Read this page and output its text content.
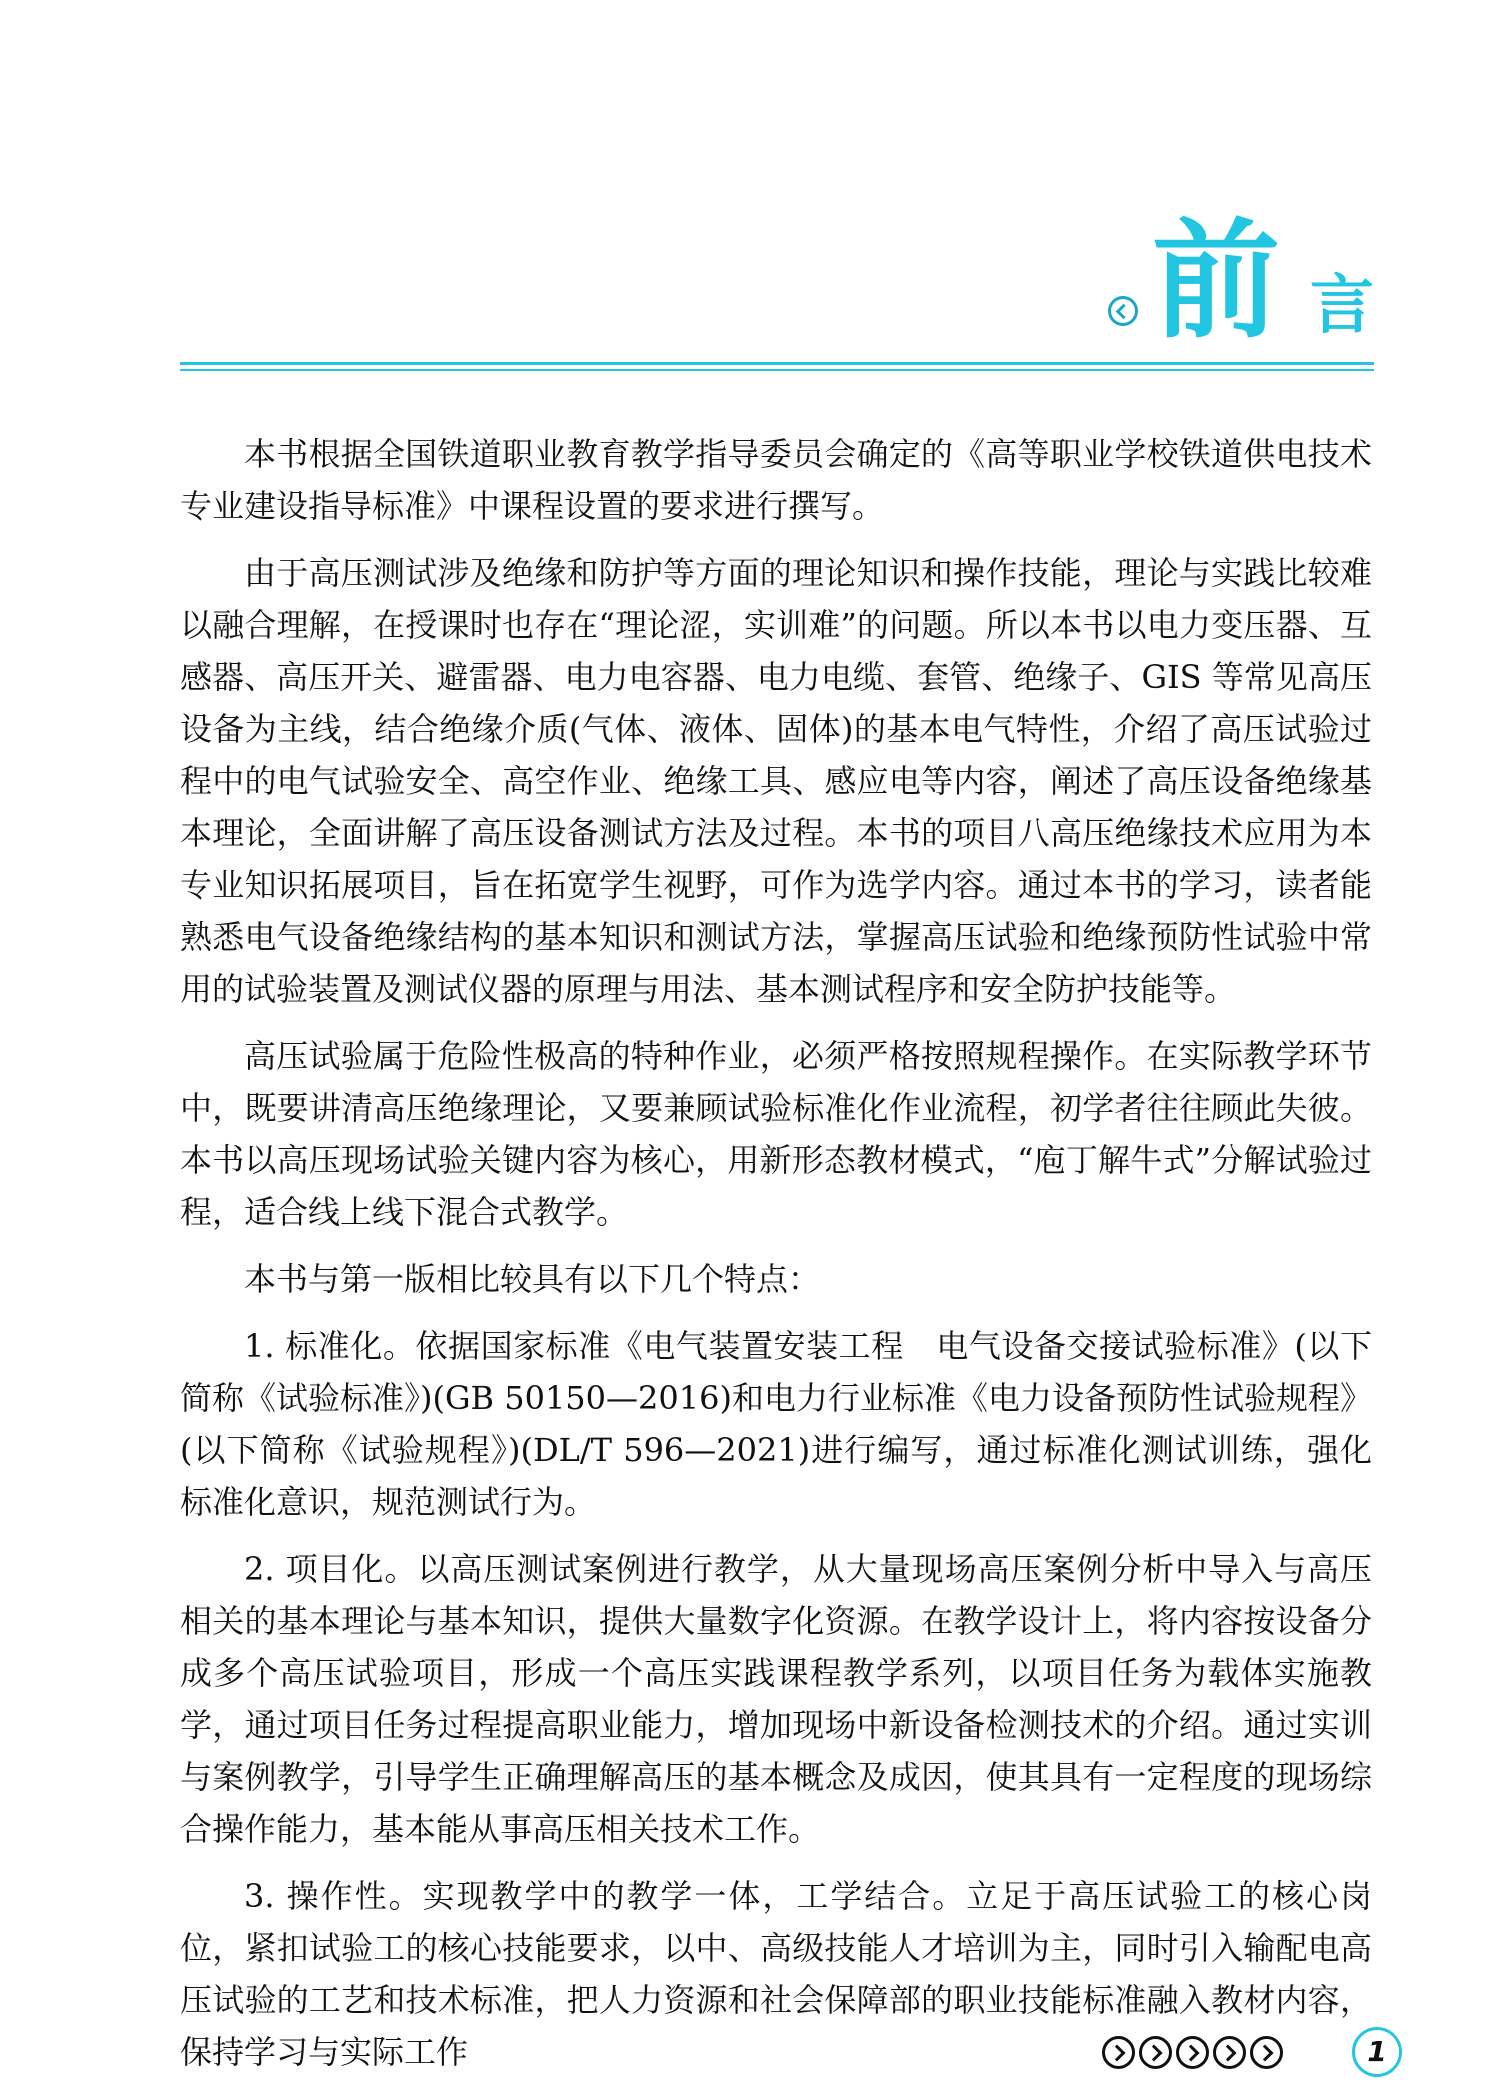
前 言

本书根据全国铁道职业教育教学指导委员会确定的《高等职业学校铁道供电技术专业建设指导标准》中课程设置的要求进行撰写。

由于高压测试涉及绝缘和防护等方面的理论知识和操作技能，理论与实践比较难以融合理解，在授课时也存在“理论涩，实训难”的问题。所以本书以电力变压器、互感器、高压开关、避雷器、电力电容器、电力电缆、套管、绝缘子、GIS 等常见高压设备为主线，结合绝缘介质(气体、液体、固体)的基本电气特性，介绍了高压试验过程中的电气试验安全、高空作业、绝缘工具、感应电等内容，阐述了高压设备绝缘基本理论，全面讲解了高压设备测试方法及过程。本书的项目八高压绝缘技术应用为本专业知识拓展项目，旨在拓宽学生视野，可作为选学内容。通过本书的学习，读者能熟悉电气设备绝缘结构的基本知识和测试方法，掌握高压试验和绝缘预防性试验中常用的试验装置及测试仪器的原理与用法、基本测试程序和安全防护技能等。

高压试验属于危险性极高的特种作业，必须严格按照规程操作。在实际教学环节中，既要讲清高压绝缘理论，又要兼顾试验标准化作业流程，初学者往往顾此失彼。本书以高压现场试验关键内容为核心，用新形态教材模式，“庖丁解牛式”分解试验过程，适合线上线下混合式教学。

本书与第一版相比较具有以下几个特点：

1. 标准化。依据国家标准《电气装置安装工程　电气设备交接试验标准》(以下简称《试验标准》)(GB 50150—2016)和电力行业标准《电力设备预防性试验规程》(以下简称《试验规程》)(DL/T 596—2021)进行编写，通过标准化测试训练，强化标准化意识，规范测试行为。

2. 项目化。以高压测试案例进行教学，从大量现场高压案例分析中导入与高压相关的基本理论与基本知识，提供大量数字化资源。在教学设计上，将内容按设备分成多个高压试验项目，形成一个高压实践课程教学系列，以项目任务为载体实施教学，通过项目任务过程提高职业能力，增加现场中新设备检测技术的介绍。通过实训与案例教学，引导学生正确理解高压的基本概念及成因，使其具有一定程度的现场综合操作能力，基本能从事高压相关技术工作。

3. 操作性。实现教学中的教学一体，工学结合。立足于高压试验工的核心岗位，紧扣试验工的核心技能要求，以中、高级技能人才培训为主，同时引入输配电高压试验的工艺和技术标准，把人力资源和社会保障部的职业技能标准融入教材内容，保持学习与实际工作	1
